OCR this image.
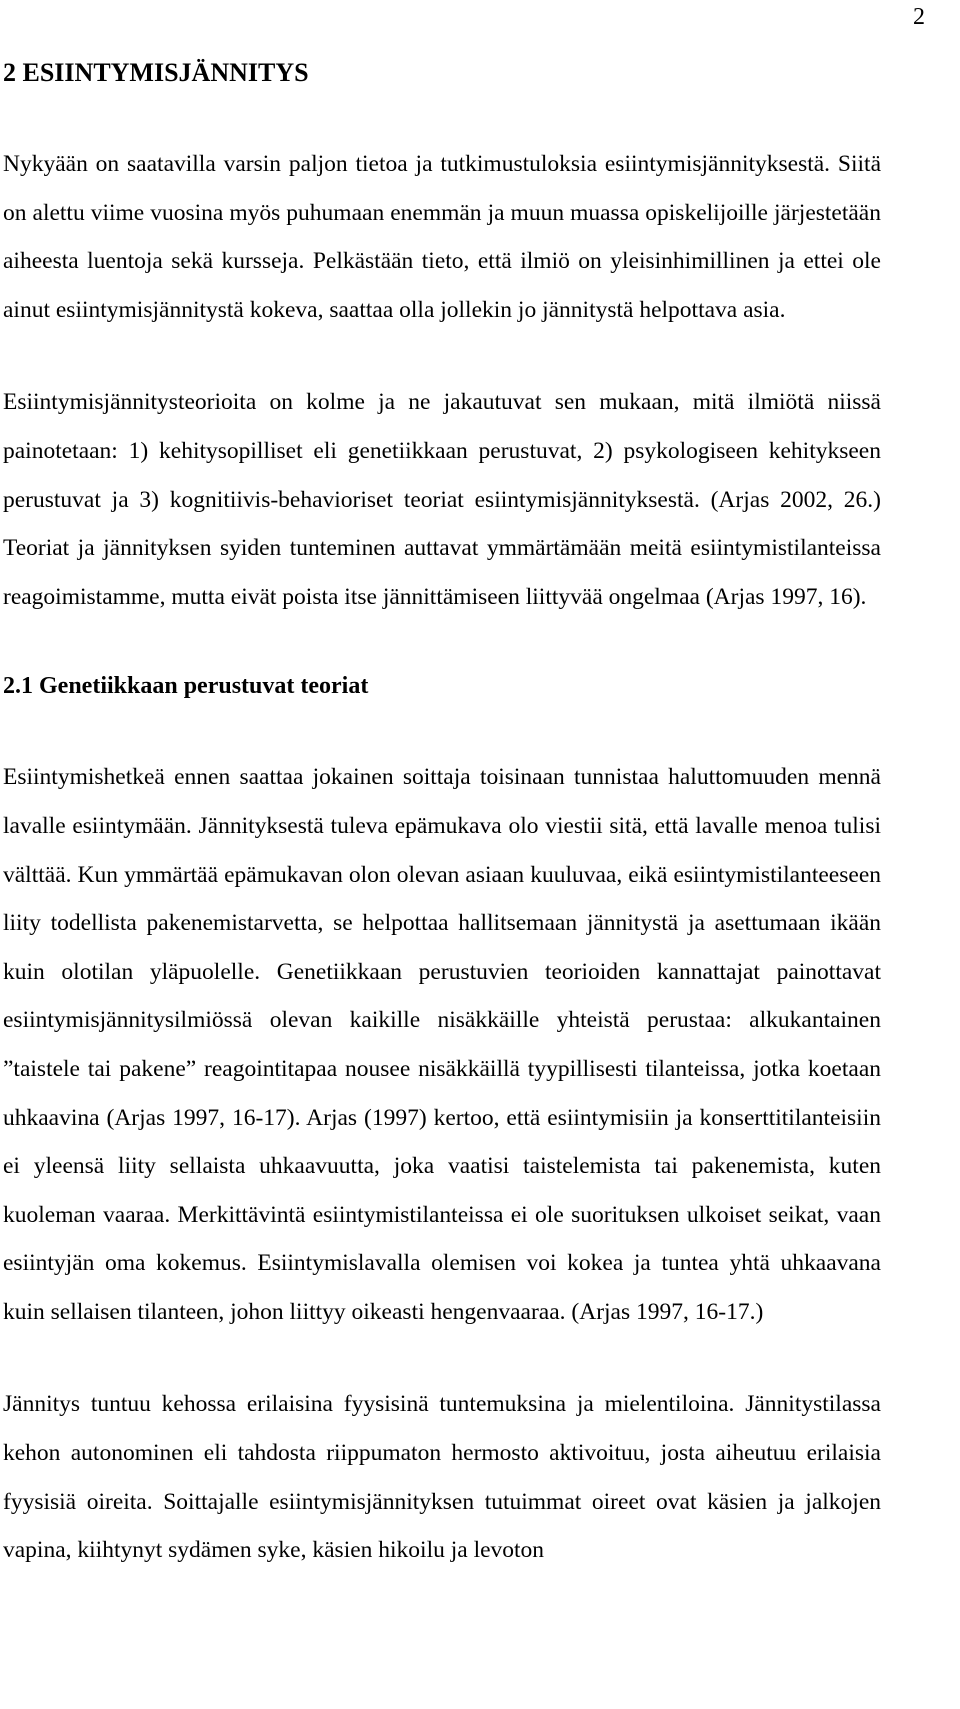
2
2 ESIINTYMISJÄNNITYS

Nykyään on saatavilla varsin paljon tietoa ja tutkimustuloksia esiintymisjännityksestä. Siitä on alettu viime vuosina myös puhumaan enemmän ja muun muassa opiskelijoille järjestetään aiheesta luentoja sekä kursseja. Pelkästään tieto, että ilmiö on yleisinhimillinen ja ettei ole ainut esiintymisjännitystä kokeva, saattaa olla jollekin jo jännitystä helpottava asia.

Esiintymisjännitysteorioita on kolme ja ne jakautuvat sen mukaan, mitä ilmiötä niissä painotetaan: 1) kehitysopilliset eli genetiikkaan perustuvat, 2) psykologiseen kehitykseen perustuvat ja 3) kognitiivis-behavioriset teoriat esiintymisjännityksestä. (Arjas 2002, 26.) Teoriat ja jännityksen syiden tunteminen auttavat ymmärtämään meitä esiintymistilanteissa reagoimistamme, mutta eivät poista itse jännittämiseen liittyvää ongelmaa (Arjas 1997, 16).

2.1 Genetiikkaan perustuvat teoriat

Esiintymishetkeä ennen saattaa jokainen soittaja toisinaan tunnistaa haluttomuuden mennä lavalle esiintymään. Jännityksestä tuleva epämukava olo viestii sitä, että lavalle menoa tulisi välttää. Kun ymmärtää epämukavan olon olevan asiaan kuuluvaa, eikä esiintymistilanteeseen liity todellista pakenemistarvetta, se helpottaa hallitsemaan jännitystä ja asettumaan ikään kuin olotilan yläpuolelle. Genetiikkaan perustuvien teorioiden kannattajat painottavat esiintymisjännitysilmiössä olevan kaikille nisäkkäille yhteistä perustaa: alkukantainen ”taistele tai pakene” reagointitapaa nousee nisäkkäillä tyypillisesti tilanteissa, jotka koetaan uhkaavina (Arjas 1997, 16-17). Arjas (1997) kertoo, että esiintymisiin ja konserttitilanteisiin ei yleensä liity sellaista uhkaavuutta, joka vaatisi taistelemista tai pakenemista, kuten kuoleman vaaraa. Merkittävintä esiintymistilanteissa ei ole suorituksen ulkoiset seikat, vaan esiintyjän oma kokemus. Esiintymislavalla olemisen voi kokea ja tuntea yhtä uhkaavana kuin sellaisen tilanteen, johon liittyy oikeasti hengenvaaraa. (Arjas 1997, 16-17.)

Jännitys tuntuu kehossa erilaisina fyysisinä tuntemuksina ja mielentiloina. Jännitystilassa kehon autonominen eli tahdosta riippumaton hermosto aktivoituu, josta aiheutuu erilaisia fyysisiä oireita. Soittajalle esiintymisjännityksen tutuimmat oireet ovat käsien ja jalkojen vapina, kiihtynyt sydämen syke, käsien hikoilu ja levoton
